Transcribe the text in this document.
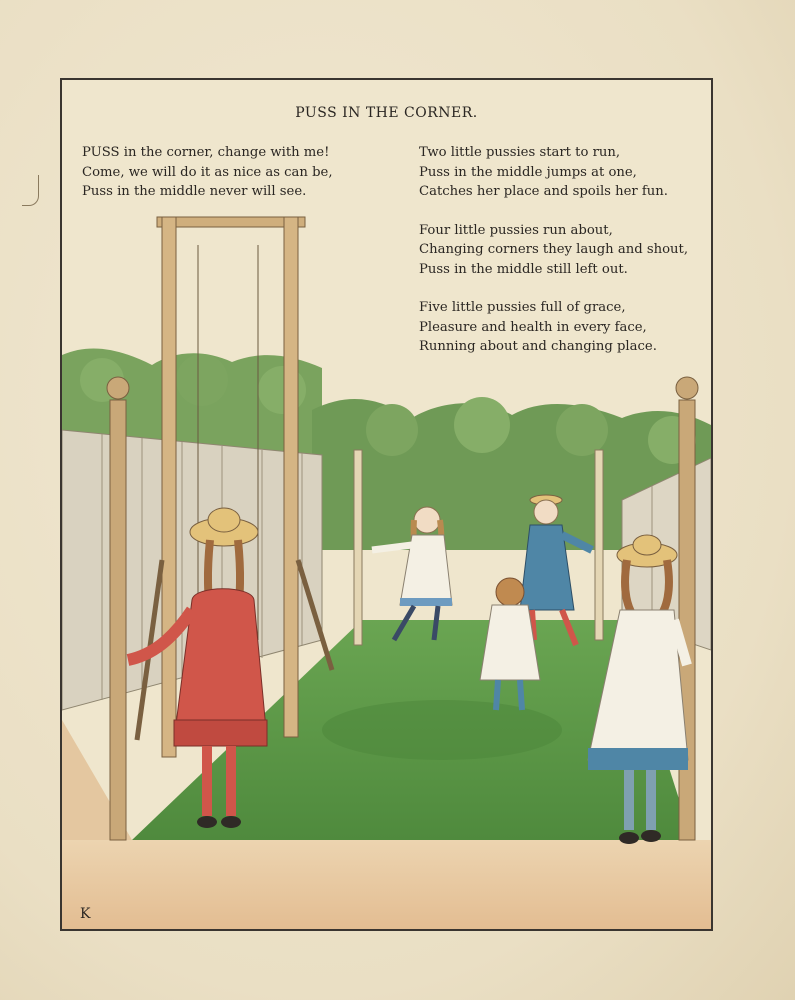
K
PUSS IN THE CORNER.
PUSS in the corner, change with me!
Come, we will do it as nice as can be,
Puss in the middle never will see.
Two little pussies start to run,
Puss in the middle jumps at one,
Catches her place and spoils her fun.
Four little pussies run about,
Changing corners they laugh and shout,
Puss in the middle still left out.
Five little pussies full of grace,
Pleasure and health in every face,
Running about and changing place.
